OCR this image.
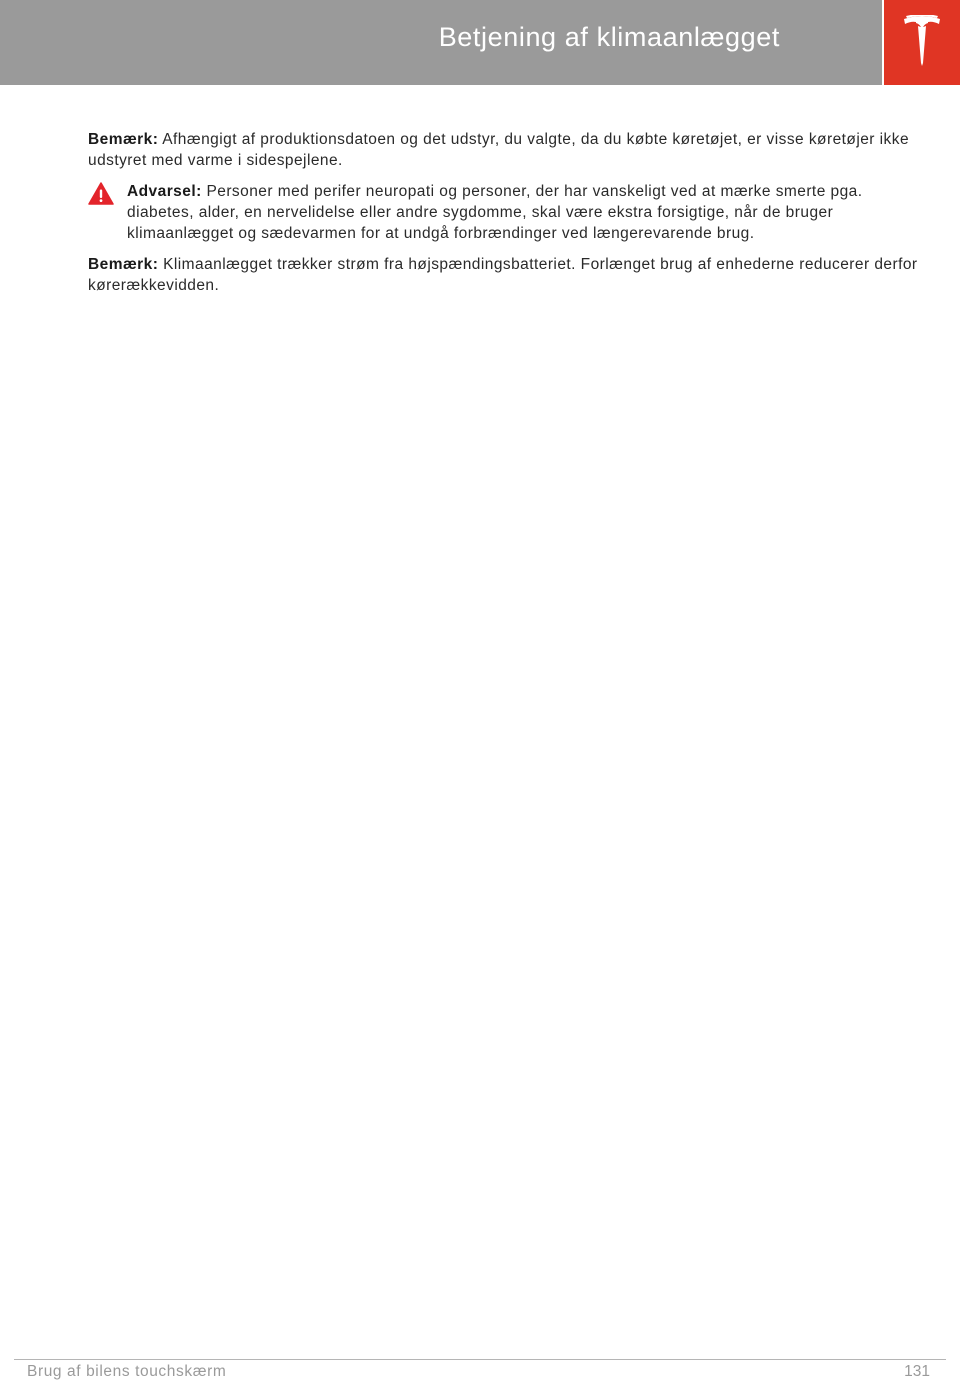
Betjening af klimaanlægget

Bemærk: Afhængigt af produktionsdatoen og det udstyr, du valgte, da du købte køretøjet, er visse køretøjer ikke udstyret med varme i sidespejlene.

Advarsel: Personer med perifer neuropati og personer, der har vanskeligt ved at mærke smerte pga. diabetes, alder, en nervelidelse eller andre sygdomme, skal være ekstra forsigtige, når de bruger klimaanlægget og sædevarmen for at undgå forbrændinger ved længerevarende brug.

Bemærk: Klimaanlægget trækker strøm fra højspændingsbatteriet. Forlænget brug af enhederne reducerer derfor kørerækkevidden.

Brug af bilens touchskærm	131
